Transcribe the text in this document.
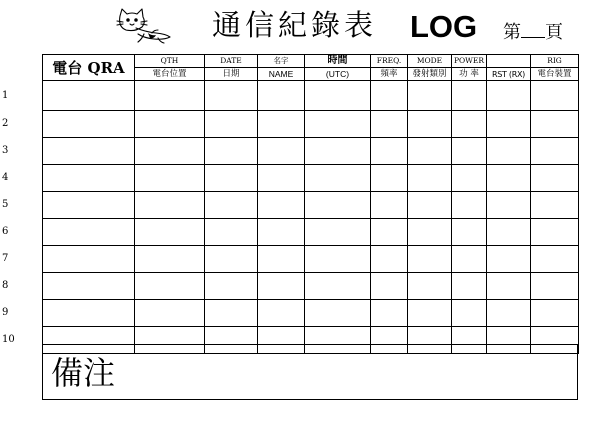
通信紀錄表 LOG 第 頁
電台 QRA	QTH	DATE	名字	時間	FREQ.	MODE	POWER		RIG
	電台位置	日期	NAME	(UTC)	頻率	發射類別	功 率	RST (RX)	電台裝置

1
2
3
4
5
6
7
8
9
10
備注
